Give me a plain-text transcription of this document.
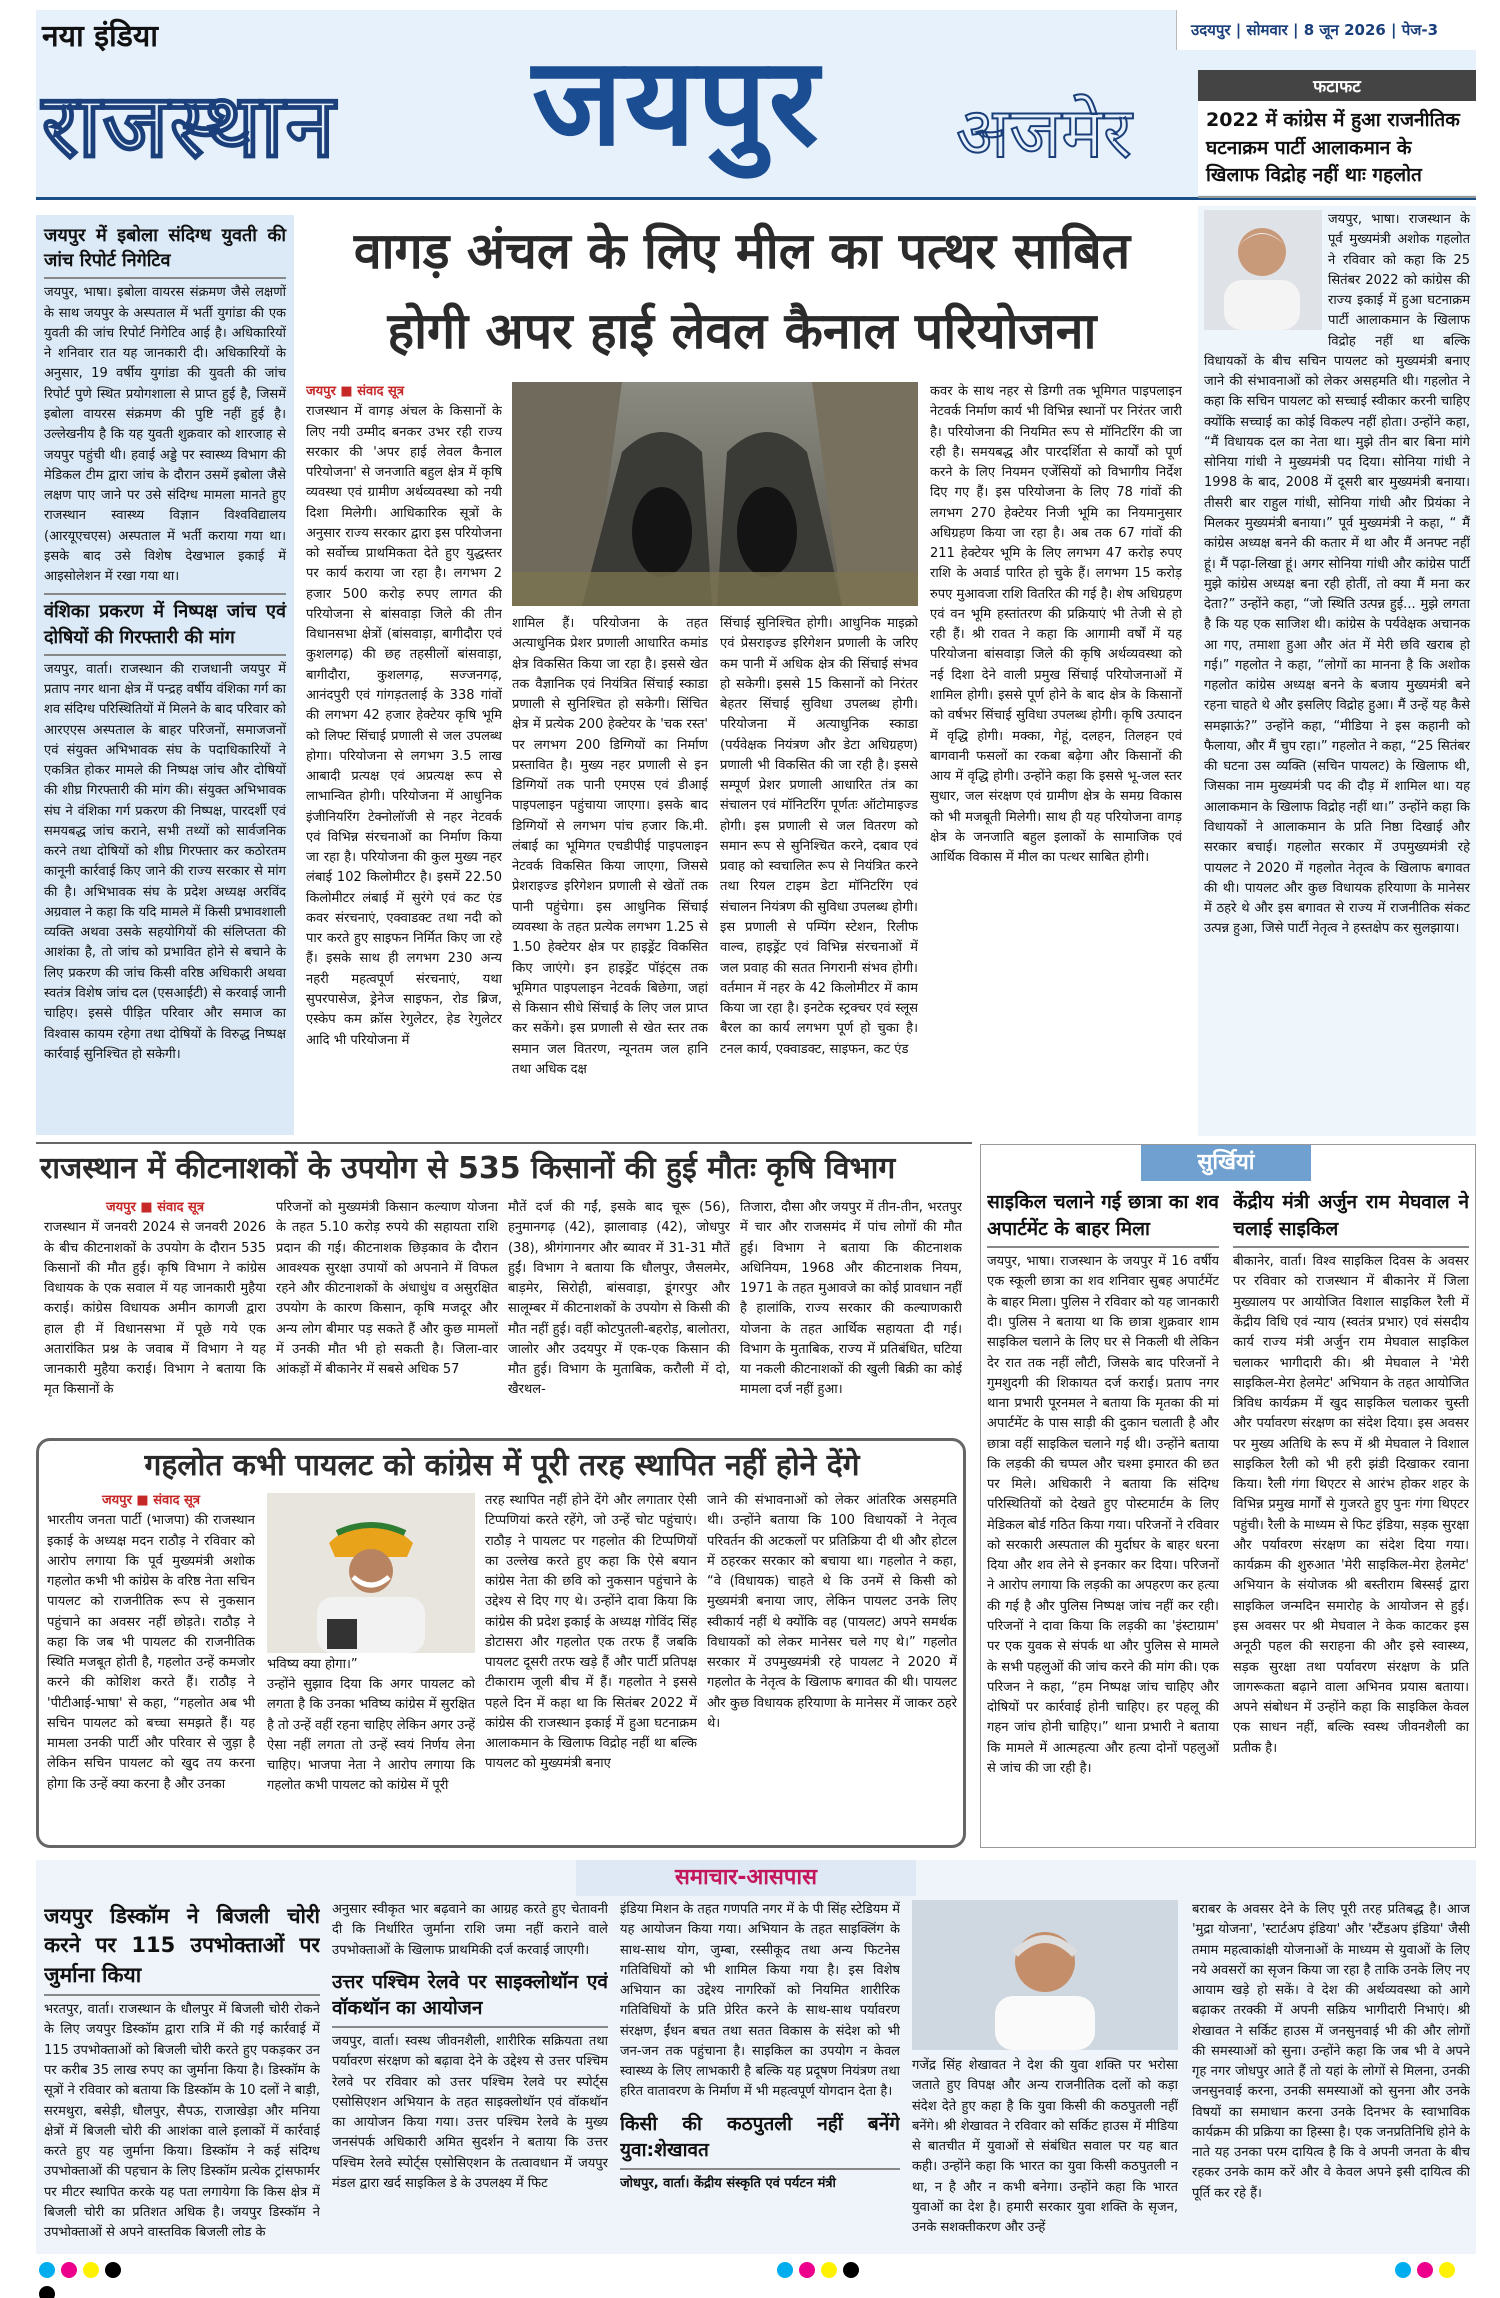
नया इंडिया
राजस्थान जयपुर अजमेर
उदयपुर | सोमवार | 8 जून 2026 | पेज-3
फटाफट
2022 में कांग्रेस में हुआ राजनीतिक घटनाक्रम पार्टी आलाकमान के खिलाफ विद्रोह नहीं थाः गहलोत
जयपुर में इबोला संदिग्ध युवती की जांच रिपोर्ट निगेटिव
जयपुर, भाषा। इबोला वायरस संक्रमण जैसे लक्षणों के साथ जयपुर के अस्पताल में भर्ती युगांडा की एक युवती की जांच रिपोर्ट निगेटिव आई है। अधिकारियों ने शनिवार रात यह जानकारी दी। अधिकारियों के अनुसार, 19 वर्षीय युगांडा की युवती की जांच रिपोर्ट पुणे स्थित प्रयोगशाला से प्राप्त हुई है, जिसमें इबोला वायरस संक्रमण की पुष्टि नहीं हुई है। उल्लेखनीय है कि यह युवती शुक्रवार को शारजाह से जयपुर पहुंची थी। हवाई अड्डे पर स्वास्थ्य विभाग की मेडिकल टीम द्वारा जांच के दौरान उसमें इबोला जैसे लक्षण पाए जाने पर उसे संदिग्ध मामला मानते हुए राजस्थान स्वास्थ्य विज्ञान विश्वविद्यालय (आरयूएचएस) अस्पताल में भर्ती कराया गया था। इसके बाद उसे विशेष देखभाल इकाई में आइसोलेशन में रखा गया था।
वंशिका प्रकरण में निष्पक्ष जांच एवं दोषियों की गिरफ्तारी की मांग
जयपुर, वार्ता। राजस्थान की राजधानी जयपुर में प्रताप नगर थाना क्षेत्र में पन्द्रह वर्षीय वंशिका गर्ग का शव संदिग्ध परिस्थितियों में मिलने के बाद परिवार को आरएएस अस्पताल के बाहर परिजनों, समाजजनों एवं संयुक्त अभिभावक संघ के पदाधिकारियों ने एकत्रित होकर मामले की निष्पक्ष जांच और दोषियों की शीघ्र गिरफ्तारी की मांग की। संयुक्त अभिभावक संघ ने वंशिका गर्ग प्रकरण की निष्पक्ष, पारदर्शी एवं समयबद्ध जांच कराने, सभी तथ्यों को सार्वजनिक करने तथा दोषियों को शीघ्र गिरफ्तार कर कठोरतम कानूनी कार्रवाई किए जाने की राज्य सरकार से मांग की है। अभिभावक संघ के प्रदेश अध्यक्ष अरविंद अग्रवाल ने कहा कि यदि मामले में किसी प्रभावशाली व्यक्ति अथवा उसके सहयोगियों की संलिप्तता की आशंका है, तो जांच को प्रभावित होने से बचाने के लिए प्रकरण की जांच किसी वरिष्ठ अधिकारी अथवा स्वतंत्र विशेष जांच दल (एसआईटी) से करवाई जानी चाहिए। इससे पीड़ित परिवार और समाज का विश्वास कायम रहेगा तथा दोषियों के विरुद्ध निष्पक्ष कार्रवाई सुनिश्चित हो सकेगी।
वागड़ अंचल के लिए मील का पत्थर साबित
होगी अपर हाई लेवल कैनाल परियोजना
जयपुर ■ संवाद सूत्र
राजस्थान में वागड़ अंचल के किसानों के लिए नयी उम्मीद बनकर उभर रही राज्य सरकार की 'अपर हाई लेवल कैनाल परियोजना' से जनजाति बहुल क्षेत्र में कृषि व्यवस्था एवं ग्रामीण अर्थव्यवस्था को नयी दिशा मिलेगी। आधिकारिक सूत्रों के अनुसार राज्य सरकार द्वारा इस परियोजना को सर्वोच्च प्राथमिकता देते हुए युद्धस्तर पर कार्य कराया जा रहा है। लगभग 2 हजार 500 करोड़ रुपए लागत की परियोजना से बांसवाड़ा जिले की तीन विधानसभा क्षेत्रों (बांसवाड़ा, बागीदौरा एवं कुशलगढ़) की छह तहसीलों बांसवाड़ा, बागीदौरा, कुशलगढ़, सज्जनगढ़, आनंदपुरी एवं गांगड़तलाई के 338 गांवों की लगभग 42 हजार हेक्टेयर कृषि भूमि को लिफ्ट सिंचाई प्रणाली से जल उपलब्ध होगा। परियोजना से लगभग 3.5 लाख आबादी प्रत्यक्ष एवं अप्रत्यक्ष रूप से लाभान्वित होगी। परियोजना में आधुनिक इंजीनियरिंग टेक्नोलॉजी से नहर नेटवर्क एवं विभिन्न संरचनाओं का निर्माण किया जा रहा है। परियोजना की कुल मुख्य नहर लंबाई 102 किलोमीटर है। इसमें 22.50 किलोमीटर लंबाई में सुरंगे एवं कट एंड कवर संरचनाएं, एक्वाडक्ट तथा नदी को पार करते हुए साइफन निर्मित किए जा रहे हैं। इसके साथ ही लगभग 230 अन्य नहरी महत्वपूर्ण संरचनाएं, यथा सुपरपासेज, ड्रेनेज साइफन, रोड ब्रिज, एस्केप कम क्रॉस रेगुलेटर, हेड रेगुलेटर आदि भी परियोजना में
शामिल हैं। परियोजना के तहत अत्याधुनिक प्रेशर प्रणाली आधारित कमांड क्षेत्र विकसित किया जा रहा है। इससे खेत तक वैज्ञानिक एवं नियंत्रित सिंचाई स्काडा प्रणाली से सुनिश्चित हो सकेगी। सिंचित क्षेत्र में प्रत्येक 200 हेक्टेयर के 'चक रस्त' पर लगभग 200 डिग्गियों का निर्माण प्रस्तावित है। मुख्य नहर प्रणाली से इन डिग्गियों तक पानी एमएस एवं डीआई पाइपलाइन पहुंचाया जाएगा। इसके बाद डिग्गियों से लगभग पांच हजार कि.मी. लंबाई का भूमिगत एचडीपीई पाइपलाइन नेटवर्क विकसित किया जाएगा, जिससे प्रेशराइज्ड इरिगेशन प्रणाली से खेतों तक पानी पहुंचेगा। इस आधुनिक सिंचाई व्यवस्था के तहत प्रत्येक लगभग 1.25 से 1.50 हेक्टेयर क्षेत्र पर हाइड्रेंट विकसित किए जाएंगे। इन हाइड्रेंट पॉइंट्स तक भूमिगत पाइपलाइन नेटवर्क बिछेगा, जहां से किसान सीधे सिंचाई के लिए जल प्राप्त कर सकेंगे। इस प्रणाली से खेत स्तर तक समान जल वितरण, न्यूनतम जल हानि तथा अधिक दक्ष
सिंचाई सुनिश्चित होगी। आधुनिक माइक्रो एवं प्रेसराइज्ड इरिगेशन प्रणाली के जरिए कम पानी में अधिक क्षेत्र की सिंचाई संभव हो सकेगी। इससे 15 किसानों को निरंतर बेहतर सिंचाई सुविधा उपलब्ध होगी। परियोजना में अत्याधुनिक स्काडा (पर्यवेक्षक नियंत्रण और डेटा अधिग्रहण) प्रणाली भी विकसित की जा रही है। इससे सम्पूर्ण प्रेशर प्रणाली आधारित तंत्र का संचालन एवं मॉनिटरिंग पूर्णतः ऑटोमाइज्ड होगी। इस प्रणाली से जल वितरण को समान रूप से सुनिश्चित करने, दबाव एवं प्रवाह को स्वचालित रूप से नियंत्रित करने तथा रियल टाइम डेटा मॉनिटरिंग एवं संचालन नियंत्रण की सुविधा उपलब्ध होगी। इस प्रणाली से पम्पिंग स्टेशन, रिलीफ वाल्व, हाइड्रेंट एवं विभिन्न संरचनाओं में जल प्रवाह की सतत निगरानी संभव होगी। वर्तमान में नहर के 42 किलोमीटर में काम किया जा रहा है। इनटेक स्ट्रक्चर एवं स्लूस बैरल का कार्य लगभग पूर्ण हो चुका है। टनल कार्य, एक्वाडक्ट, साइफन, कट एंड
कवर के साथ नहर से डिग्गी तक भूमिगत पाइपलाइन नेटवर्क निर्माण कार्य भी विभिन्न स्थानों पर निरंतर जारी है। परियोजना की नियमित रूप से मॉनिटरिंग की जा रही है। समयबद्ध और पारदर्शिता से कार्यों को पूर्ण करने के लिए नियमन एजेंसियों को विभागीय निर्देश दिए गए हैं। इस परियोजना के लिए 78 गांवों की लगभग 270 हेक्टेयर निजी भूमि का नियमानुसार अधिग्रहण किया जा रहा है। अब तक 67 गांवों की 211 हेक्टेयर भूमि के लिए लगभग 47 करोड़ रुपए राशि के अवार्ड पारित हो चुके हैं। लगभग 15 करोड़ रुपए मुआवजा राशि वितरित की गई है। शेष अधिग्रहण एवं वन भूमि हस्तांतरण की प्रक्रियाएं भी तेजी से हो रही हैं। श्री रावत ने कहा कि आगामी वर्षों में यह परियोजना बांसवाड़ा जिले की कृषि अर्थव्यवस्था को नई दिशा देने वाली प्रमुख सिंचाई परियोजनाओं में शामिल होगी। इससे पूर्ण होने के बाद क्षेत्र के किसानों को वर्षभर सिंचाई सुविधा उपलब्ध होगी। कृषि उत्पादन में वृद्धि होगी। मक्का, गेहूं, दलहन, तिलहन एवं बागवानी फसलों का रकबा बढ़ेगा और किसानों की आय में वृद्धि होगी। उन्होंने कहा कि इससे भू-जल स्तर सुधार, जल संरक्षण एवं ग्रामीण क्षेत्र के समग्र विकास को भी मजबूती मिलेगी। साथ ही यह परियोजना वागड़ क्षेत्र के जनजाति बहुल इलाकों के सामाजिक एवं आर्थिक विकास में मील का पत्थर साबित होगी।
जयपुर, भाषा। राजस्थान के पूर्व मुख्यमंत्री अशोक गहलोत ने रविवार को कहा कि 25 सितंबर 2022 को कांग्रेस की राज्य इकाई में हुआ घटनाक्रम पार्टी आलाकमान के खिलाफ विद्रोह नहीं था बल्कि विधायकों के बीच सचिन पायलट को मुख्यमंत्री बनाए जाने की संभावनाओं को लेकर असहमति थी। गहलोत ने कहा कि सचिन पायलट को सच्चाई स्वीकार करनी चाहिए क्योंकि सच्चाई का कोई विकल्प नहीं होता। उन्होंने कहा, “मैं विधायक दल का नेता था। मुझे तीन बार बिना मांगे सोनिया गांधी ने मुख्यमंत्री पद दिया। सोनिया गांधी ने 1998 के बाद, 2008 में दूसरी बार मुख्यमंत्री बनाया। तीसरी बार राहुल गांधी, सोनिया गांधी और प्रियंका ने मिलकर मुख्यमंत्री बनाया।” पूर्व मुख्यमंत्री ने कहा, “ मैं कांग्रेस अध्यक्ष बनने की कतार में था और मैं अनफ्ट नहीं हूं। मैं पढ़ा-लिखा हूं। अगर सोनिया गांधी और कांग्रेस पार्टी मुझे कांग्रेस अध्यक्ष बना रही होतीं, तो क्या मैं मना कर देता?” उन्होंने कहा, “जो स्थिति उत्पन्न हुई... मुझे लगता है कि यह एक साजिश थी। कांग्रेस के पर्यवेक्षक अचानक आ गए, तमाशा हुआ और अंत में मेरी छवि खराब हो गई।” गहलोत ने कहा, “लोगों का मानना है कि अशोक गहलोत कांग्रेस अध्यक्ष बनने के बजाय मुख्यमंत्री बने रहना चाहते थे और इसलिए विद्रोह हुआ। मैं उन्हें यह कैसे समझाऊं?” उन्होंने कहा, “मीडिया ने इस कहानी को फैलाया, और मैं चुप रहा।” गहलोत ने कहा, “25 सितंबर की घटना उस व्यक्ति (सचिन पायलट) के खिलाफ थी, जिसका नाम मुख्यमंत्री पद की दौड़ में शामिल था। यह आलाकमान के खिलाफ विद्रोह नहीं था।” उन्होंने कहा कि विधायकों ने आलाकमान के प्रति निष्ठा दिखाई और सरकार बचाई। गहलोत सरकार में उपमुख्यमंत्री रहे पायलट ने 2020 में गहलोत नेतृत्व के खिलाफ बगावत की थी। पायलट और कुछ विधायक हरियाणा के मानेसर में ठहरे थे और इस बगावत से राज्य में राजनीतिक संकट उत्पन्न हुआ, जिसे पार्टी नेतृत्व ने हस्तक्षेप कर सुलझाया।
राजस्थान में कीटनाशकों के उपयोग से 535 किसानों की हुई मौतः कृषि विभाग
जयपुर ■ संवाद सूत्र
राजस्थान में जनवरी 2024 से जनवरी 2026 के बीच कीटनाशकों के उपयोग के दौरान 535 किसानों की मौत हुई। कृषि विभाग ने कांग्रेस विधायक के एक सवाल में यह जानकारी मुहैया कराई। कांग्रेस विधायक अमीन कागजी द्वारा हाल ही में विधानसभा में पूछे गये एक अतारांकित प्रश्न के जवाब में विभाग ने यह जानकारी मुहैया कराई। विभाग ने बताया कि मृत किसानों के
परिजनों को मुख्यमंत्री किसान कल्याण योजना के तहत 5.10 करोड़ रुपये की सहायता राशि प्रदान की गई। कीटनाशक छिड़काव के दौरान आवश्यक सुरक्षा उपायों को अपनाने में विफल रहने और कीटनाशकों के अंधाधुंध व असुरक्षित उपयोग के कारण किसान, कृषि मजदूर और अन्य लोग बीमार पड़ सकते हैं और कुछ मामलों में उनकी मौत भी हो सकती है। जिला-वार आंकड़ों में बीकानेर में सबसे अधिक 57
मौतें दर्ज की गईं, इसके बाद चूरू (56), हनुमानगढ़ (42), झालावाड़ (42), जोधपुर (38), श्रीगंगानगर और ब्यावर में 31-31 मौतें हुईं। विभाग ने बताया कि धौलपुर, जैसलमेर, बाड़मेर, सिरोही, बांसवाड़ा, डूंगरपुर और सालूम्बर में कीटनाशकों के उपयोग से किसी की मौत नहीं हुई। वहीं कोटपुतली-बहरोड़, बालोतरा, जालोर और उदयपुर में एक-एक किसान की मौत हुई। विभाग के मुताबिक, करौली में दो, खैरथल-
तिजारा, दौसा और जयपुर में तीन-तीन, भरतपुर में चार और राजसमंद में पांच लोगों की मौत हुई। विभाग ने बताया कि कीटनाशक अधिनियम, 1968 और कीटनाशक नियम, 1971 के तहत मुआवजे का कोई प्रावधान नहीं है हालांकि, राज्य सरकार की कल्याणकारी योजना के तहत आर्थिक सहायता दी गई। विभाग के मुताबिक, राज्य में प्रतिबंधित, घटिया या नकली कीटनाशकों की खुली बिक्री का कोई मामला दर्ज नहीं हुआ।
गहलोत कभी पायलट को कांग्रेस में पूरी तरह स्थापित नहीं होने देंगे
जयपुर ■ संवाद सूत्र
भारतीय जनता पार्टी (भाजपा) की राजस्थान इकाई के अध्यक्ष मदन राठौड़ ने रविवार को आरोप लगाया कि पूर्व मुख्यमंत्री अशोक गहलोत कभी भी कांग्रेस के वरिष्ठ नेता सचिन पायलट को राजनीतिक रूप से नुकसान पहुंचाने का अवसर नहीं छोड़ते। राठौड़ ने कहा कि जब भी पायलट की राजनीतिक स्थिति मजबूत होती है, गहलोत उन्हें कमजोर करने की कोशिश करते हैं। राठौड़ ने 'पीटीआई-भाषा' से कहा, “गहलोत अब भी सचिन पायलट को बच्चा समझते हैं। यह मामला उनकी पार्टी और परिवार से जुड़ा है लेकिन सचिन पायलट को खुद तय करना होगा कि उन्हें क्या करना है और उनका
भविष्य क्या होगा।”
उन्होंने सुझाव दिया कि अगर पायलट को लगता है कि उनका भविष्य कांग्रेस में सुरक्षित है तो उन्हें वहीं रहना चाहिए लेकिन अगर उन्हें ऐसा नहीं लगता तो उन्हें स्वयं निर्णय लेना चाहिए। भाजपा नेता ने आरोप लगाया कि गहलोत कभी पायलट को कांग्रेस में पूरी
तरह स्थापित नहीं होने देंगे और लगातार ऐसी टिप्पणियां करते रहेंगे, जो उन्हें चोट पहुंचाएं। राठौड़ ने पायलट पर गहलोत की टिप्पणियों का उल्लेख करते हुए कहा कि ऐसे बयान कांग्रेस नेता की छवि को नुकसान पहुंचाने के उद्देश्य से दिए गए थे। उन्होंने दावा किया कि कांग्रेस की प्रदेश इकाई के अध्यक्ष गोविंद सिंह डोटासरा और गहलोत एक तरफ हैं जबकि पायलट दूसरी तरफ खड़े हैं और पार्टी प्रतिपक्ष टीकाराम जूली बीच में हैं। गहलोत ने इससे पहले दिन में कहा था कि सितंबर 2022 में कांग्रेस की राजस्थान इकाई में हुआ घटनाक्रम आलाकमान के खिलाफ विद्रोह नहीं था बल्कि पायलट को मुख्यमंत्री बनाए
जाने की संभावनाओं को लेकर आंतरिक असहमति थी। उन्होंने बताया कि 100 विधायकों ने नेतृत्व परिवर्तन की अटकलों पर प्रतिक्रिया दी थी और होटल में ठहरकर सरकार को बचाया था। गहलोत ने कहा, “वे (विधायक) चाहते थे कि उनमें से किसी को मुख्यमंत्री बनाया जाए, लेकिन पायलट उनके लिए स्वीकार्य नहीं थे क्योंकि वह (पायलट) अपने समर्थक विधायकों को लेकर मानेसर चले गए थे।” गहलोत सरकार में उपमुख्यमंत्री रहे पायलट ने 2020 में गहलोत के नेतृत्व के खिलाफ बगावत की थी। पायलट और कुछ विधायक हरियाणा के मानेसर में जाकर ठहरे थे।
सुर्खियां
साइकिल चलाने गई छात्रा का शव अपार्टमेंट के बाहर मिला
जयपुर, भाषा। राजस्थान के जयपुर में 16 वर्षीय एक स्कूली छात्रा का शव शनिवार सुबह अपार्टमेंट के बाहर मिला। पुलिस ने रविवार को यह जानकारी दी। पुलिस ने बताया था कि छात्रा शुक्रवार शाम साइकिल चलाने के लिए घर से निकली थी लेकिन देर रात तक नहीं लौटी, जिसके बाद परिजनों ने गुमशुदगी की शिकायत दर्ज कराई। प्रताप नगर थाना प्रभारी पूरनमल ने बताया कि मृतका की मां अपार्टमेंट के पास साड़ी की दुकान चलाती है और छात्रा वहीं साइकिल चलाने गई थी। उन्होंने बताया कि लड़की की चप्पल और चश्मा इमारत की छत पर मिले। अधिकारी ने बताया कि संदिग्ध परिस्थितियों को देखते हुए पोस्टमार्टम के लिए मेडिकल बोर्ड गठित किया गया। परिजनों ने रविवार को सरकारी अस्पताल की मुर्दाघर के बाहर धरना दिया और शव लेने से इनकार कर दिया। परिजनों ने आरोप लगाया कि लड़की का अपहरण कर हत्या की गई है और पुलिस निष्पक्ष जांच नहीं कर रही। परिजनों ने दावा किया कि लड़की का 'इंस्टाग्राम' पर एक युवक से संपर्क था और पुलिस से मामले के सभी पहलुओं की जांच करने की मांग की। एक परिजन ने कहा, “हम निष्पक्ष जांच चाहिए और दोषियों पर कार्रवाई होनी चाहिए। हर पहलू की गहन जांच होनी चाहिए।” थाना प्रभारी ने बताया कि मामले में आत्महत्या और हत्या दोनों पहलुओं से जांच की जा रही है।
केंद्रीय मंत्री अर्जुन राम मेघवाल ने चलाई साइकिल
बीकानेर, वार्ता। विश्व साइकिल दिवस के अवसर पर रविवार को राजस्थान में बीकानेर में जिला मुख्यालय पर आयोजित विशाल साइकिल रैली में केंद्रीय विधि एवं न्याय (स्वतंत्र प्रभार) एवं संसदीय कार्य राज्य मंत्री अर्जुन राम मेघवाल साइकिल चलाकर भागीदारी की। श्री मेघवाल ने 'मेरी साइकिल-मेरा हेलमेट' अभियान के तहत आयोजित त्रिविध कार्यक्रम में खुद साइकिल चलाकर चुस्ती और पर्यावरण संरक्षण का संदेश दिया। इस अवसर पर मुख्य अतिथि के रूप में श्री मेघवाल ने विशाल साइकिल रैली को भी हरी झंडी दिखाकर रवाना किया। रैली गंगा थिएटर से आरंभ होकर शहर के विभिन्न प्रमुख मार्गों से गुजरते हुए पुनः गंगा थिएटर पहुंची। रैली के माध्यम से फिट इंडिया, सड़क सुरक्षा और पर्यावरण संरक्षण का संदेश दिया गया। कार्यक्रम की शुरुआत 'मेरी साइकिल-मेरा हेलमेट' अभियान के संयोजक श्री बस्तीराम बिस्सई द्वारा साइकिल जन्मदिन समारोह के आयोजन से हुई। इस अवसर पर श्री मेघवाल ने केक काटकर इस अनूठी पहल की सराहना की और इसे स्वास्थ्य, सड़क सुरक्षा तथा पर्यावरण संरक्षण के प्रति जागरूकता बढ़ाने वाला अभिनव प्रयास बताया। अपने संबोधन में उन्होंने कहा कि साइकिल केवल एक साधन नहीं, बल्कि स्वस्थ जीवनशैली का प्रतीक है।
समाचार-आसपास
जयपुर डिस्कॉम ने बिजली चोरी करने पर 115 उपभोक्ताओं पर जुर्माना किया
भरतपुर, वार्ता। राजस्थान के धौलपुर में बिजली चोरी रोकने के लिए जयपुर डिस्कॉम द्वारा रात्रि में की गई कार्रवाई में 115 उपभोक्ताओं को बिजली चोरी करते हुए पकड़कर उन पर करीब 35 लाख रुपए का जुर्माना किया है। डिस्कॉम के सूत्रों ने रविवार को बताया कि डिस्कॉम के 10 दलों ने बाड़ी, सरमथुरा, बसेड़ी, धौलपुर, सैपऊ, राजाखेड़ा और मनिया क्षेत्रों में बिजली चोरी की आशंका वाले इलाकों में कार्रवाई करते हुए यह जुर्माना किया। डिस्कॉम ने कई संदिग्ध उपभोक्ताओं की पहचान के लिए डिस्कॉम प्रत्येक ट्रांसफार्मर पर मीटर स्थापित करके यह पता लगायेगा कि किस क्षेत्र में बिजली चोरी का प्रतिशत अधिक है। जयपुर डिस्कॉम ने उपभोक्ताओं से अपने वास्तविक बिजली लोड के
अनुसार स्वीकृत भार बढ़वाने का आग्रह करते हुए चेतावनी दी कि निर्धारित जुर्माना राशि जमा नहीं कराने वाले उपभोक्ताओं के खिलाफ प्राथमिकी दर्ज करवाई जाएगी।
उत्तर पश्चिम रेलवे पर साइक्लोथॉन एवं वॉकथॉन का आयोजन
जयपुर, वार्ता। स्वस्थ जीवनशैली, शारीरिक सक्रियता तथा पर्यावरण संरक्षण को बढ़ावा देने के उद्देश्य से उत्तर पश्चिम रेलवे पर रविवार को उत्तर पश्चिम रेलवे पर स्पोर्ट्स एसोसिएशन अभियान के तहत साइक्लोथॉन एवं वॉकथॉन का आयोजन किया गया। उत्तर पश्चिम रेलवे के मुख्य जनसंपर्क अधिकारी अमित सुदर्शन ने बताया कि उत्तर पश्चिम रेलवे स्पोर्ट्स एसोसिएशन के तत्वावधान में जयपुर मंडल द्वारा खर्द साइकिल डे के उपलक्ष्य में फिट
इंडिया मिशन के तहत गणपति नगर में के पी सिंह स्टेडियम में यह आयोजन किया गया। अभियान के तहत साइक्लिंग के साथ-साथ योग, जुम्बा, रस्सीकूद तथा अन्य फिटनेस गतिविधियों को भी शामिल किया गया है। इस विशेष अभियान का उद्देश्य नागरिकों को नियमित शारीरिक गतिविधियों के प्रति प्रेरित करने के साथ-साथ पर्यावरण संरक्षण, ईंधन बचत तथा सतत विकास के संदेश को भी जन-जन तक पहुंचाना है। साइकिल का उपयोग न केवल स्वास्थ्य के लिए लाभकारी है बल्कि यह प्रदूषण नियंत्रण तथा हरित वातावरण के निर्माण में भी महत्वपूर्ण योगदान देता है।
किसी की कठपुतली नहीं बनेंगे युवा:शेखावत
जोधपुर, वार्ता। केंद्रीय संस्कृति एवं पर्यटन मंत्री
गजेंद्र सिंह शेखावत ने देश की युवा शक्ति पर भरोसा जताते हुए विपक्ष और अन्य राजनीतिक दलों को कड़ा संदेश देते हुए कहा है कि युवा किसी की कठपुतली नहीं बनेंगे। श्री शेखावत ने रविवार को सर्किट हाउस में मीडिया से बातचीत में युवाओं से संबंधित सवाल पर यह बात कही। उन्होंने कहा कि भारत का युवा किसी कठपुतली न था, न है और न कभी बनेगा। उन्होंने कहा कि भारत युवाओं का देश है। हमारी सरकार युवा शक्ति के सृजन, उनके सशक्तीकरण और उन्हें
बराबर के अवसर देने के लिए पूरी तरह प्रतिबद्ध है। आज 'मुद्रा योजना', 'स्टार्टअप इंडिया' और 'स्टैंडअप इंडिया' जैसी तमाम महत्वाकांक्षी योजनाओं के माध्यम से युवाओं के लिए नये अवसरों का सृजन किया जा रहा है ताकि उनके लिए नए आयाम खड़े हो सकें। वे देश की अर्थव्यवस्था को आगे बढ़ाकर तरक्की में अपनी सक्रिय भागीदारी निभाएं। श्री शेखावत ने सर्किट हाउस में जनसुनवाई भी की और लोगों की समस्याओं को सुना। उन्होंने कहा कि जब भी वे अपने गृह नगर जोधपुर आते हैं तो यहां के लोगों से मिलना, उनकी जनसुनवाई करना, उनकी समस्याओं को सुनना और उनके विषयों का समाधान करना उनके दिनभर के स्वाभाविक कार्यक्रम की प्रक्रिया का हिस्सा है। एक जनप्रतिनिधि होने के नाते यह उनका परम दायित्व है कि वे अपनी जनता के बीच रहकर उनके काम करें और वे केवल अपने इसी दायित्व की पूर्ति कर रहे हैं।
